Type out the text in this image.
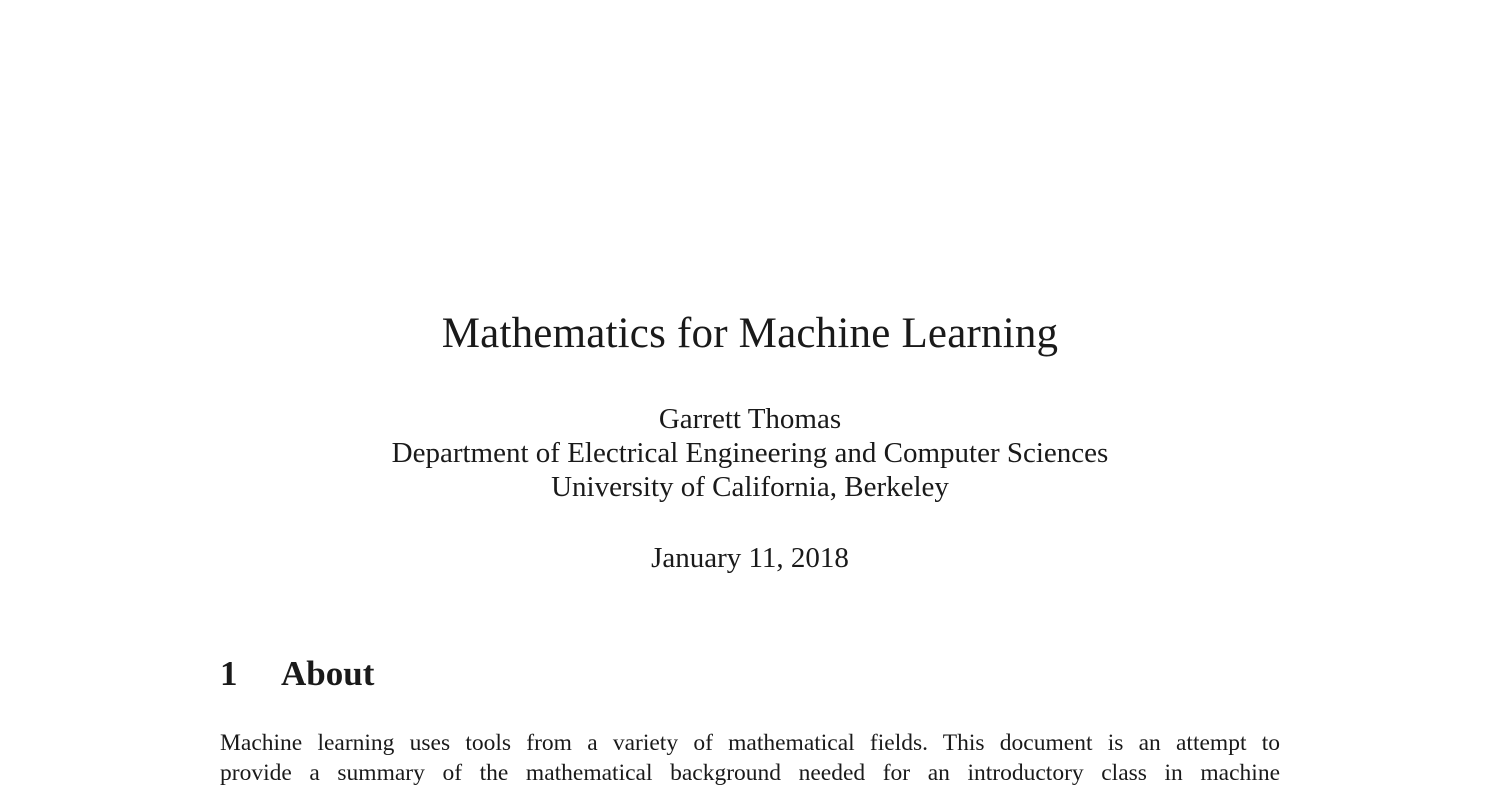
Mathematics for Machine Learning
Garrett Thomas
Department of Electrical Engineering and Computer Sciences
University of California, Berkeley
January 11, 2018
1 About
Machine learning uses tools from a variety of mathematical fields. This document is an attempt to
provide a summary of the mathematical background needed for an introductory class in machine
